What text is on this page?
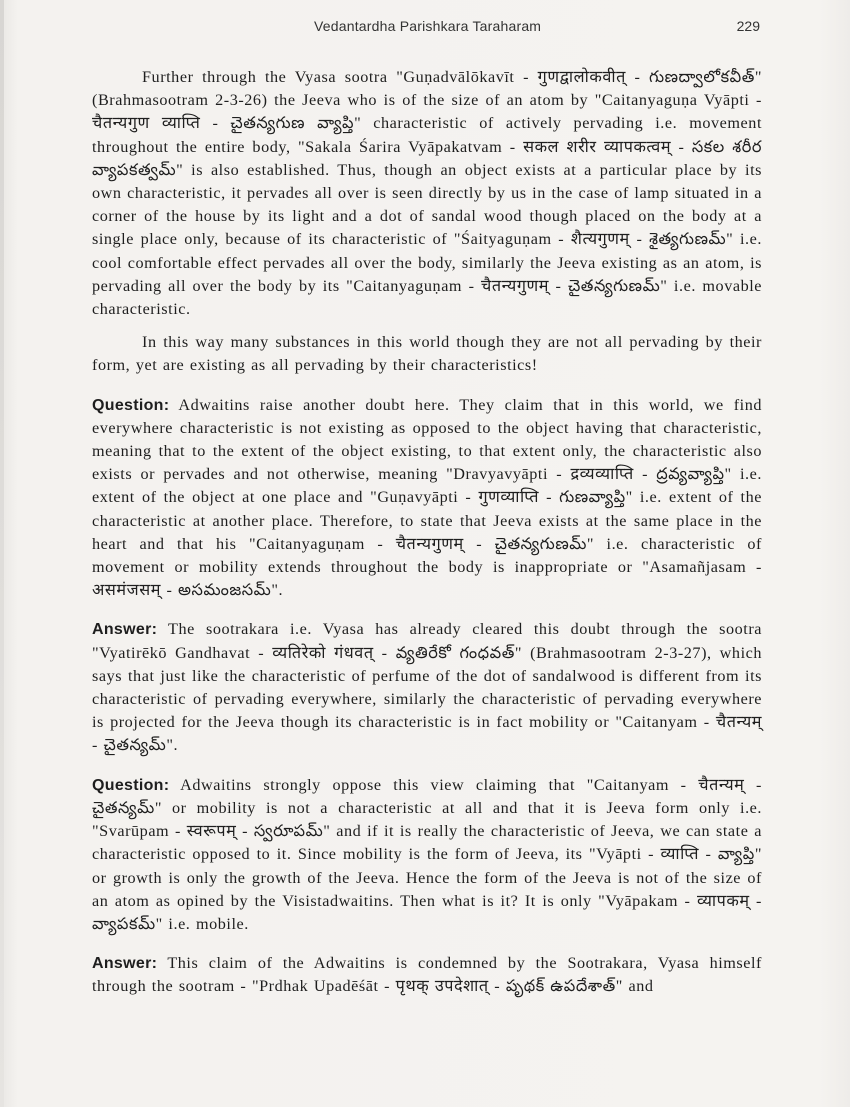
Vedantardha Parishkara Taraharam	229

Further through the Vyasa sootra "Guṇadvālōkavīt - गुणद्वालोकवीत् - గుణద్వాలోకవీత్" (Brahmasootram 2-3-26) the Jeeva who is of the size of an atom by "Caitanyaguṇa Vyāpti - चैतन्यगुण व्याप्ति - చైతన్యగుణ వ్యాప్తి" characteristic of actively pervading i.e. movement throughout the entire body, "Sakala Śarira Vyāpakatvam - सकल शरीर व्यापकत्वम् - సకల శరీర వ్యాపకత్వమ్" is also established. Thus, though an object exists at a particular place by its own characteristic, it pervades all over is seen directly by us in the case of lamp situated in a corner of the house by its light and a dot of sandal wood though placed on the body at a single place only, because of its characteristic of "Śaityaguṇam - शैत्यगुणम् - శైత్యగుణమ్" i.e. cool comfortable effect pervades all over the body, similarly the Jeeva existing as an atom, is pervading all over the body by its "Caitanyaguṇam - चैतन्यगुणम् - చైతన్యగుణమ్" i.e. movable characteristic.

In this way many substances in this world though they are not all pervading by their form, yet are existing as all pervading by their characteristics!

Question: Adwaitins raise another doubt here. They claim that in this world, we find everywhere characteristic is not existing as opposed to the object having that characteristic, meaning that to the extent of the object existing, to that extent only, the characteristic also exists or pervades and not otherwise, meaning "Dravyavyāpti - द्रव्यव्याप्ति - ద్రవ్యవ్యాప్తి" i.e. extent of the object at one place and "Guṇavyāpti - गुणव्याप्ति - గుణవ్యాప్తి" i.e. extent of the characteristic at another place. Therefore, to state that Jeeva exists at the same place in the heart and that his "Caitanyaguṇam - चैतन्यगुणम् - చైతన్యగుణమ్" i.e. characteristic of movement or mobility extends throughout the body is inappropriate or "Asamañjasam - असमंजसम् - అసమంజసమ్".

Answer: The sootrakara i.e. Vyasa has already cleared this doubt through the sootra "Vyatirēkō Gandhavat - व्यतिरेको गंधवत् - వ్యతిరేకో గంధవత్" (Brahmasootram 2-3-27), which says that just like the characteristic of perfume of the dot of sandalwood is different from its characteristic of pervading everywhere, similarly the characteristic of pervading everywhere is projected for the Jeeva though its characteristic is in fact mobility or "Caitanyam - चैतन्यम् - చైతన్యమ్".

Question: Adwaitins strongly oppose this view claiming that "Caitanyam - चैतन्यम् - చైతన్యమ్" or mobility is not a characteristic at all and that it is Jeeva form only i.e. "Svarūpam - स्वरूपम् - స్వరూపమ్" and if it is really the characteristic of Jeeva, we can state a characteristic opposed to it. Since mobility is the form of Jeeva, its "Vyāpti - व्याप्ति - వ్యాప్తి" or growth is only the growth of the Jeeva. Hence the form of the Jeeva is not of the size of an atom as opined by the Visistadwaitins. Then what is it? It is only "Vyāpakam - व्यापकम् - వ్యాపకమ్" i.e. mobile.

Answer: This claim of the Adwaitins is condemned by the Sootrakara, Vyasa himself through the sootram - "Prdhak Upadēśāt - पृथक् उपदेशात् - పృథక్ ఉపదేశాత్" and
